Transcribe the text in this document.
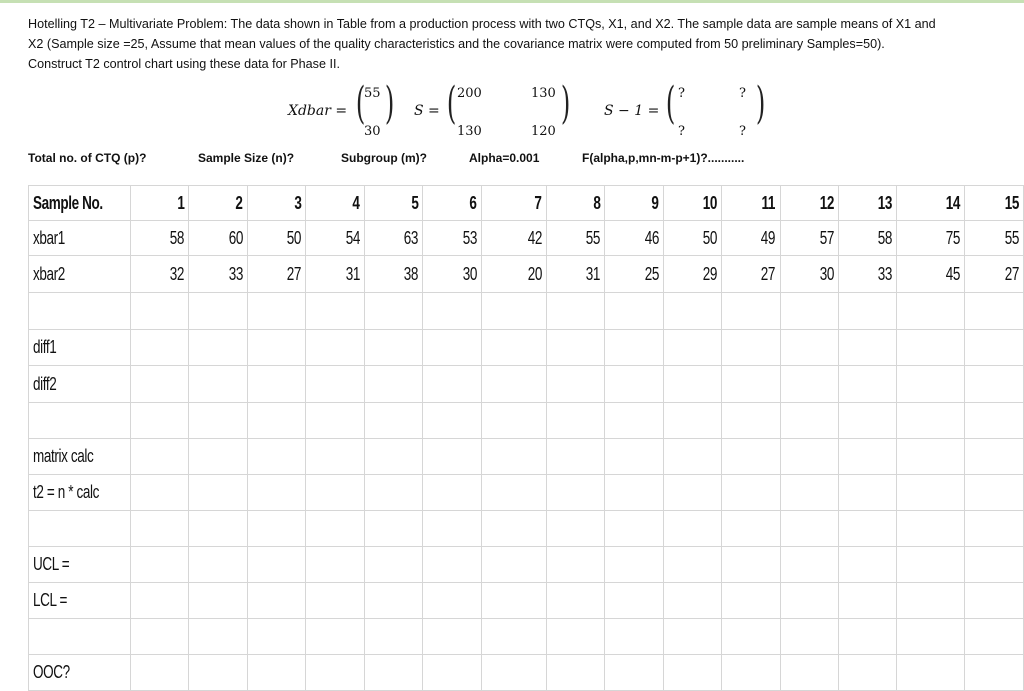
Hotelling T2 – Multivariate Problem: The data shown in Table from a production process with two CTQs, X1, and X2. The sample data are sample means of X1 and
X2 (Sample size =25, Assume that mean values of the quality characteristics and the covariance matrix were computed from 50 preliminary Samples=50).
Construct T2 control chart using these data for Phase II.
Xdbar = (
55
30
) S = ( 200	130
130	120
) S − 1 = ( ?	?
?	?
)
Total no. of CTQ (p)?	Sample Size (n)?	Subgroup (m)?	Alpha=0.001	F(alpha,p,mn-m-p+1)?...........
Sample No.	1	2	3	4	5	6	7	8	9	10	11	12	13	14	15
xbar1	58	60	50	54	63	53	42	55	46	50	49	57	58	75	55
xbar2	32	33	27	31	38	30	20	31	25	29	27	30	33	45	27

diff1															
diff2															

matrix calc															
t2 = n * calc															

UCL =															
LCL =															

OOC?															
